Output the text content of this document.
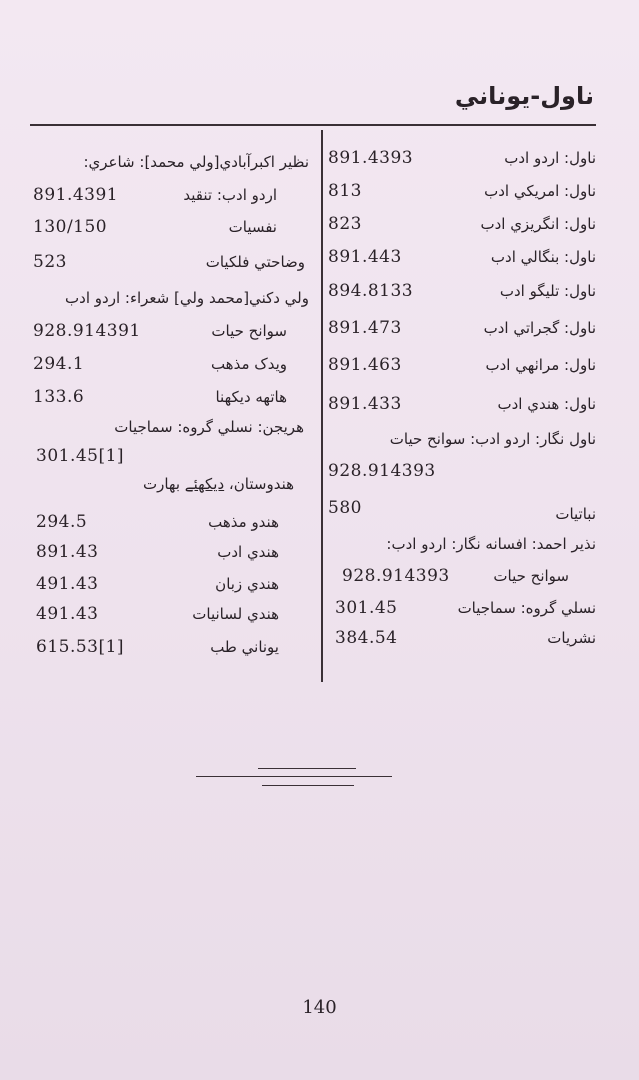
ناول-يوناني
891.4393	ناول: اردو ادب
813	ناول: امريكي ادب
823	ناول: انگريزي ادب
891.443	ناول: بنگالي ادب
894.8133	ناول: تليگو ادب
891.473	ناول: گجراتي ادب
891.463	ناول: مراٺهي ادب
891.433	ناول: هندي ادب
ناول نگار: اردو ادب: سوانح حيات
928.914393
580	نباتيات
نذير احمد: افسانه نگار: اردو ادب:
928.914393	سوانح حيات
301.45	نسلي گروه: سماجيات
384.54	نشريات
نظير اكبرآبادي[ولي محمد]: شاعري:
891.4391	اردو ادب: تنقيد
130/150	نفسيات
523	وضاحتي فلكيات
ولي دكني[محمد ولي] شعراء: اردو ادب
928.914391	سوانح حيات
294.1	ويدک مذهب
133.6	هاتهه ديكهنا
هريجن: نسلي گروه: سماجيات
301.45[1]
هندوستان، ديكهئے بهارت
294.5	هندو مذهب
891.43	هندي ادب
491.43	هندي زبان
491.43	هندي لسانيات
615.53[1]	يوناني طب
140
